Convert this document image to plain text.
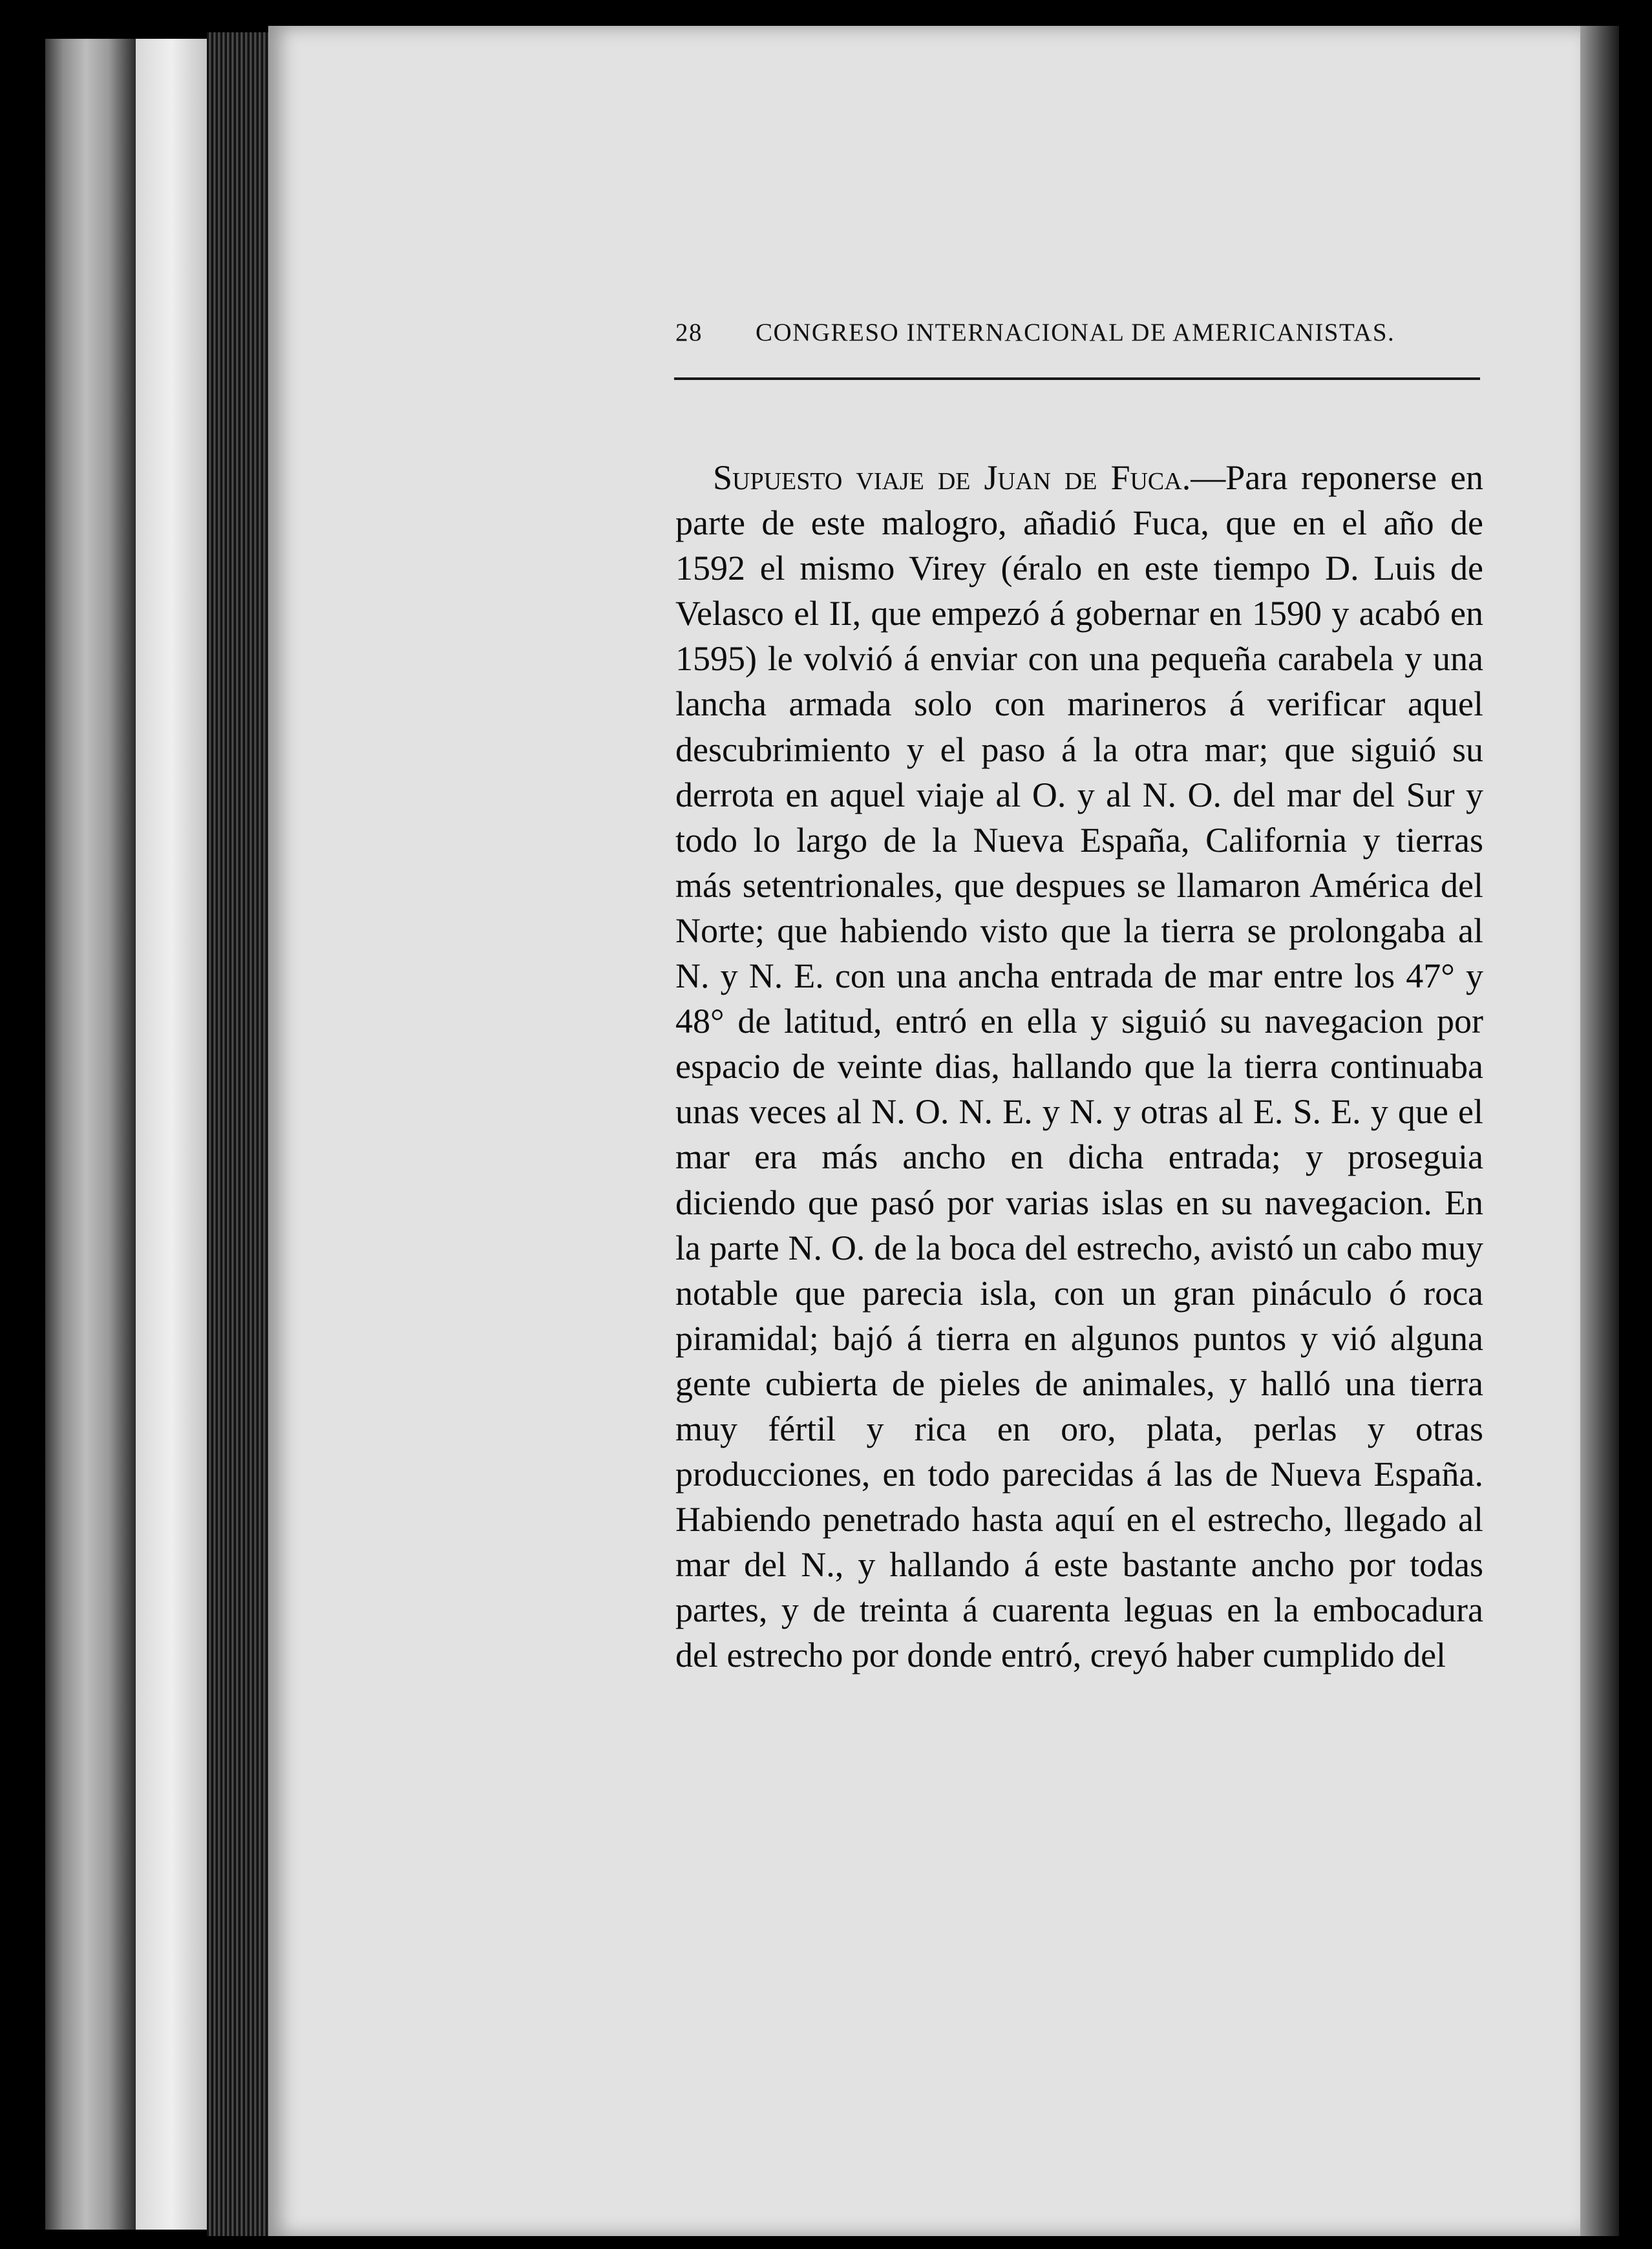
28 CONGRESO INTERNACIONAL DE AMERICANISTAS.

Supuesto viaje de Juan de Fuca.—Para reponerse en parte de este malogro, añadió Fuca, que en el año de 1592 el mismo Virey (éralo en este tiempo D. Luis de Velasco el II, que empezó á gobernar en 1590 y acabó en 1595) le volvió á enviar con una pequeña carabela y una lancha armada solo con marineros á verificar aquel descubrimiento y el paso á la otra mar; que siguió su derrota en aquel viaje al O. y al N. O. del mar del Sur y todo lo largo de la Nueva España, California y tierras más setentrionales, que despues se llamaron América del Norte; que habiendo visto que la tierra se prolongaba al N. y N. E. con una ancha entrada de mar entre los 47° y 48° de latitud, entró en ella y siguió su navegacion por espacio de veinte dias, hallando que la tierra continuaba unas veces al N. O. N. E. y N. y otras al E. S. E. y que el mar era más ancho en dicha entrada; y proseguia diciendo que pasó por varias islas en su navegacion. En la parte N. O. de la boca del estrecho, avistó un cabo muy notable que parecia isla, con un gran pináculo ó roca piramidal; bajó á tierra en algunos puntos y vió alguna gente cubierta de pieles de animales, y halló una tierra muy fértil y rica en oro, plata, perlas y otras producciones, en todo parecidas á las de Nueva España. Habiendo penetrado hasta aquí en el estrecho, llegado al mar del N., y hallando á este bastante ancho por todas partes, y de treinta á cuarenta leguas en la embocadura del estrecho por donde entró, creyó haber cumplido del
